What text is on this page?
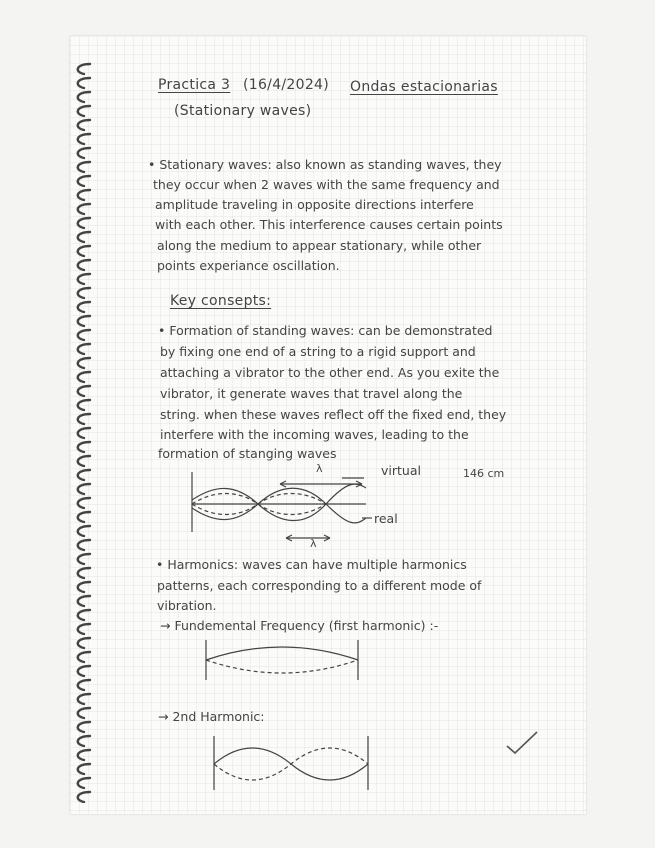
Practica 3 (16/4/2024) Ondas estacionarias
(Stationary waves)
• Stationary waves: also known as standing waves, they
they occur when 2 waves with the same frequency and
amplitude traveling in opposite directions interfere
with each other. This interference causes certain points
along the medium to appear stationary, while other
points experiance oscillation.
Key consepts:
• Formation of standing waves: can be demonstrated
by fixing one end of a string to a rigid support and
attaching a vibrator to the other end. As you exite the
vibrator, it generate waves that travel along the
string. when these waves reflect off the fixed end, they
interfere with the incoming waves, leading to the
formation of stanging waves
λ	virtual
real
146 cm
λ
• Harmonics: waves can have multiple harmonics
patterns, each corresponding to a different mode of
vibration.
→ Fundemental Frequency (first harmonic) :-
→ 2nd Harmonic:
